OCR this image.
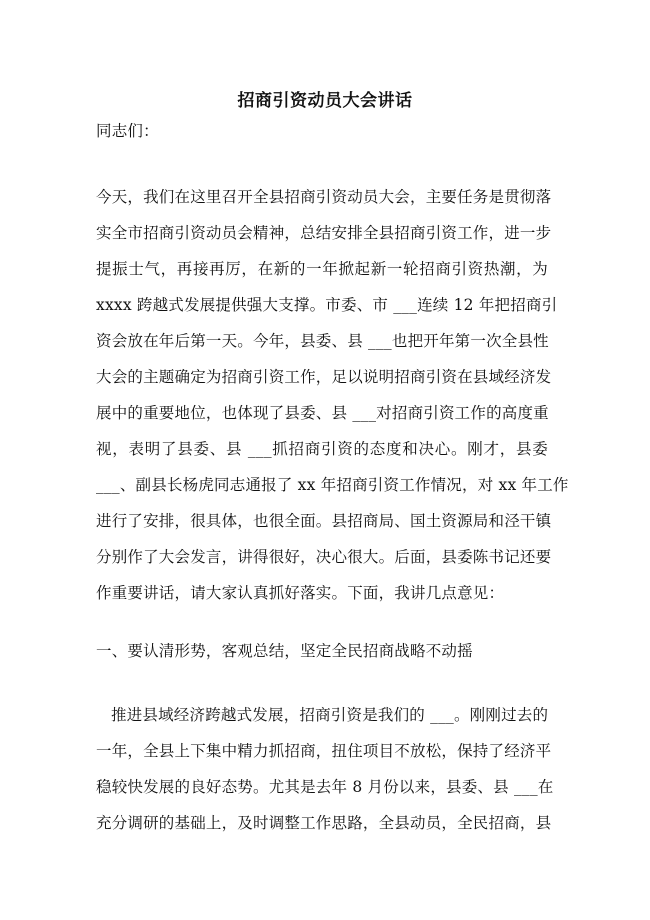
招商引资动员大会讲话
同志们：
今天，我们在这里召开全县招商引资动员大会，主要任务是贯彻落
实全市招商引资动员会精神，总结安排全县招商引资工作，进一步
提振士气，再接再厉，在新的一年掀起新一轮招商引资热潮，为
xxxx 跨越式发展提供强大支撑。市委、市 ___连续 12 年把招商引
资会放在年后第一天。今年，县委、县 ___也把开年第一次全县性
大会的主题确定为招商引资工作，足以说明招商引资在县域经济发
展中的重要地位，也体现了县委、县 ___对招商引资工作的高度重
视，表明了县委、县 ___抓招商引资的态度和决心。刚才，县委
___、副县长杨虎同志通报了 xx 年招商引资工作情况，对 xx 年工作
进行了安排，很具体，也很全面。县招商局、国土资源局和泾干镇
分别作了大会发言，讲得很好，决心很大。后面，县委陈书记还要
作重要讲话，请大家认真抓好落实。下面，我讲几点意见：
一、要认清形势，客观总结，坚定全民招商战略不动摇
推进县域经济跨越式发展，招商引资是我们的 ___。刚刚过去的
一年，全县上下集中精力抓招商，扭住项目不放松，保持了经济平
稳较快发展的良好态势。尤其是去年 8 月份以来，县委、县 ___在
充分调研的基础上，及时调整工作思路，全县动员，全民招商，县
